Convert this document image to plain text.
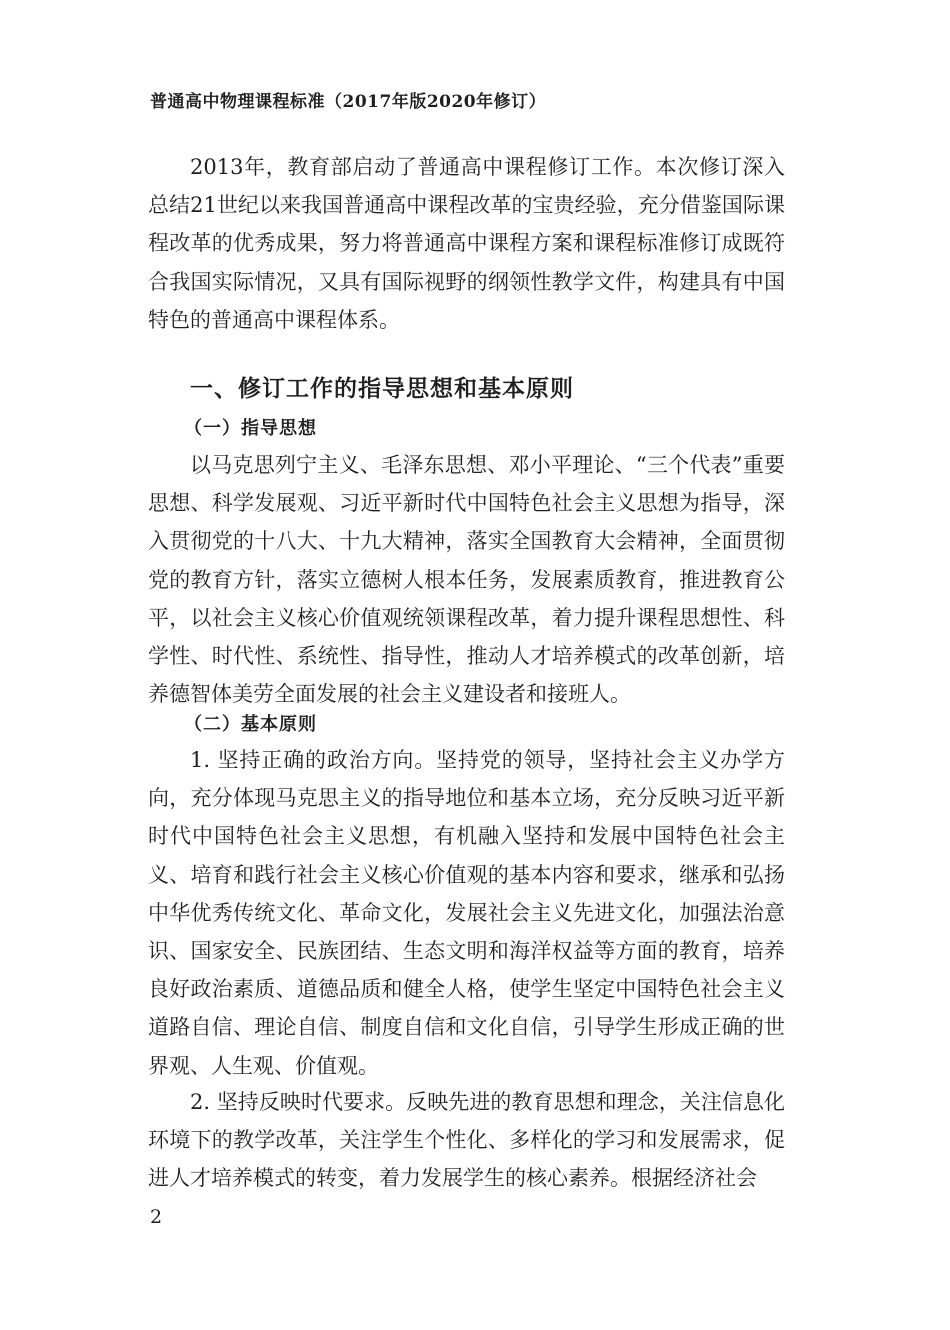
普通高中物理课程标准（2017年版2020年修订）

2013年，教育部启动了普通高中课程修订工作。本次修订深入总结21世纪以来我国普通高中课程改革的宝贵经验，充分借鉴国际课程改革的优秀成果，努力将普通高中课程方案和课程标准修订成既符合我国实际情况，又具有国际视野的纲领性教学文件，构建具有中国特色的普通高中课程体系。

一、修订工作的指导思想和基本原则
（一）指导思想

以马克思列宁主义、毛泽东思想、邓小平理论、“三个代表”重要思想、科学发展观、习近平新时代中国特色社会主义思想为指导，深入贯彻党的十八大、十九大精神，落实全国教育大会精神，全面贯彻党的教育方针，落实立德树人根本任务，发展素质教育，推进教育公平，以社会主义核心价值观统领课程改革，着力提升课程思想性、科学性、时代性、系统性、指导性，推动人才培养模式的改革创新，培养德智体美劳全面发展的社会主义建设者和接班人。

（二）基本原则

1. 坚持正确的政治方向。坚持党的领导，坚持社会主义办学方向，充分体现马克思主义的指导地位和基本立场，充分反映习近平新时代中国特色社会主义思想，有机融入坚持和发展中国特色社会主义、培育和践行社会主义核心价值观的基本内容和要求，继承和弘扬中华优秀传统文化、革命文化，发展社会主义先进文化，加强法治意识、国家安全、民族团结、生态文明和海洋权益等方面的教育，培养良好政治素质、道德品质和健全人格，使学生坚定中国特色社会主义道路自信、理论自信、制度自信和文化自信，引导学生形成正确的世界观、人生观、价值观。

2. 坚持反映时代要求。反映先进的教育思想和理念，关注信息化环境下的教学改革，关注学生个性化、多样化的学习和发展需求，促进人才培养模式的转变，着力发展学生的核心素养。根据经济社会

2
